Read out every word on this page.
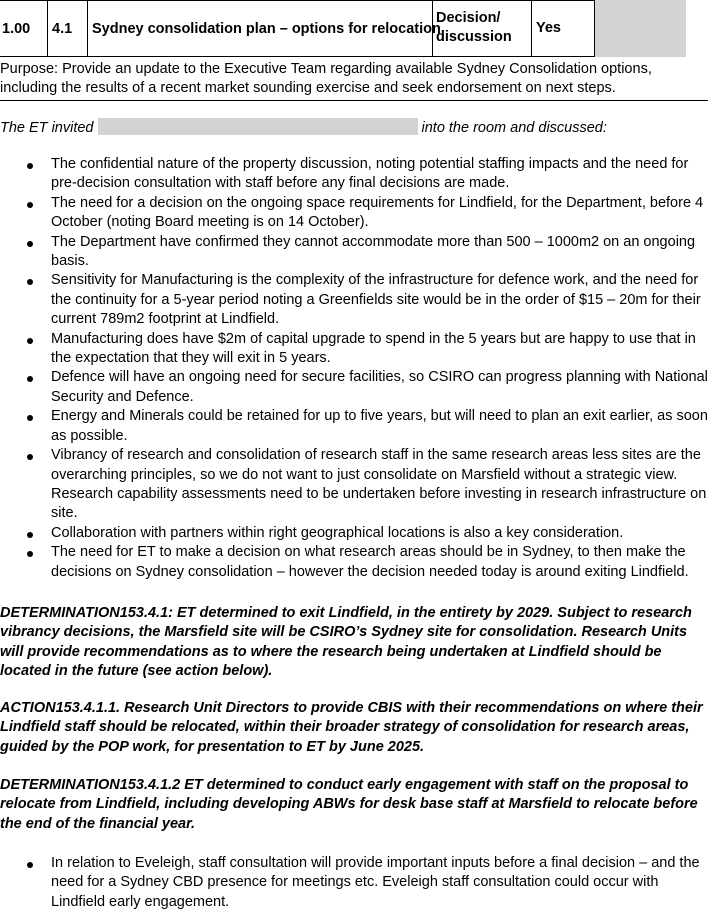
1.00 4.1 Sydney consolidation plan – options for relocation
Decision/
discussion
Yes
Purpose: Provide an update to the Executive Team regarding available Sydney Consolidation options, including the results of a recent market sounding exercise and seek endorsement on next steps.
The ET invited	into the room and discussed:
The confidential nature of the property discussion, noting potential staffing impacts and the need for pre-decision consultation with staff before any final decisions are made.
The need for a decision on the ongoing space requirements for Lindfield, for the Department, before 4 October (noting Board meeting is on 14 October).
The Department have confirmed they cannot accommodate more than 500 – 1000m2 on an ongoing basis.
Sensitivity for Manufacturing is the complexity of the infrastructure for defence work, and the need for the continuity for a 5-year period noting a Greenfields site would be in the order of $15 – 20m for their current 789m2 footprint at Lindfield.
Manufacturing does have $2m of capital upgrade to spend in the 5 years but are happy to use that in the expectation that they will exit in 5 years.
Defence will have an ongoing need for secure facilities, so CSIRO can progress planning with National Security and Defence.
Energy and Minerals could be retained for up to five years, but will need to plan an exit earlier, as soon as possible.
Vibrancy of research and consolidation of research staff in the same research areas less sites are the overarching principles, so we do not want to just consolidate on Marsfield without a strategic view. Research capability assessments need to be undertaken before investing in research infrastructure on site.
Collaboration with partners within right geographical locations is also a key consideration.
The need for ET to make a decision on what research areas should be in Sydney, to then make the decisions on Sydney consolidation – however the decision needed today is around exiting Lindfield.
DETERMINATION153.4.1: ET determined to exit Lindfield, in the entirety by 2029. Subject to research vibrancy decisions, the Marsfield site will be CSIRO’s Sydney site for consolidation. Research Units will provide recommendations as to where the research being undertaken at Lindfield should be located in the future (see action below).
ACTION153.4.1.1. Research Unit Directors to provide CBIS with their recommendations on where their Lindfield staff should be relocated, within their broader strategy of consolidation for research areas, guided by the POP work, for presentation to ET by June 2025.
DETERMINATION153.4.1.2 ET determined to conduct early engagement with staff on the proposal to relocate from Lindfield, including developing ABWs for desk base staff at Marsfield to relocate before the end of the financial year.
In relation to Eveleigh, staff consultation will provide important inputs before a final decision – and the need for a Sydney CBD presence for meetings etc. Eveleigh staff consultation could occur with Lindfield early engagement.
